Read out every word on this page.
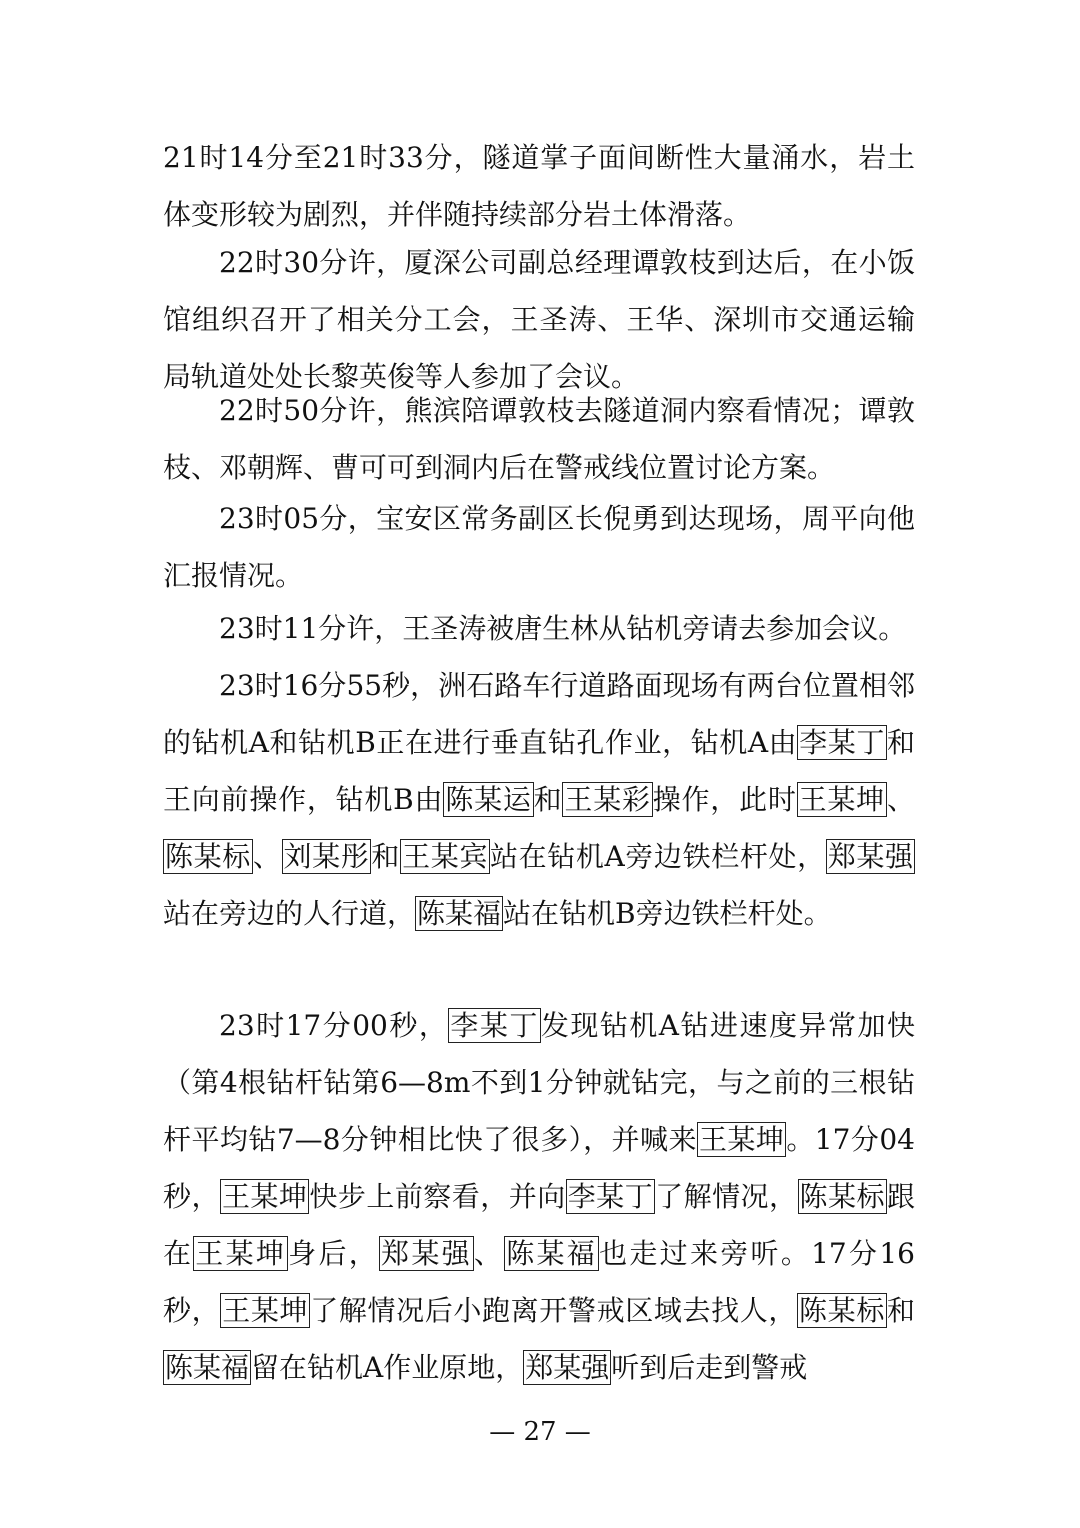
21时14分至21时33分，隧道掌子面间断性大量涌水，岩土体变形较为剧烈，并伴随持续部分岩土体滑落。

22时30分许，厦深公司副总经理谭敦枝到达后，在小饭馆组织召开了相关分工会，王圣涛、王华、深圳市交通运输局轨道处处长黎英俊等人参加了会议。

22时50分许，熊滨陪谭敦枝去隧道洞内察看情况；谭敦枝、邓朝辉、曹可可到洞内后在警戒线位置讨论方案。

23时05分，宝安区常务副区长倪勇到达现场，周平向他汇报情况。

23时11分许，王圣涛被唐生林从钻机旁请去参加会议。

23时16分55秒，洲石路车行道路面现场有两台位置相邻的钻机A和钻机B正在进行垂直钻孔作业，钻机A由李某丁和王向前操作，钻机B由陈某运和王某彩操作，此时王某坤、陈某标、刘某彤和王某宾站在钻机A旁边铁栏杆处，郑某强站在旁边的人行道，陈某福站在钻机B旁边铁栏杆处。

23时17分00秒，李某丁发现钻机A钻进速度异常加快（第4根钻杆钻第6—8m不到1分钟就钻完，与之前的三根钻杆平均钻7—8分钟相比快了很多），并喊来王某坤。17分04秒，王某坤快步上前察看，并向李某丁了解情况，陈某标跟在王某坤身后，郑某强、陈某福也走过来旁听。17分16秒，王某坤了解情况后小跑离开警戒区域去找人，陈某标和陈某福留在钻机A作业原地，郑某强听到后走到警戒

— 27 —
